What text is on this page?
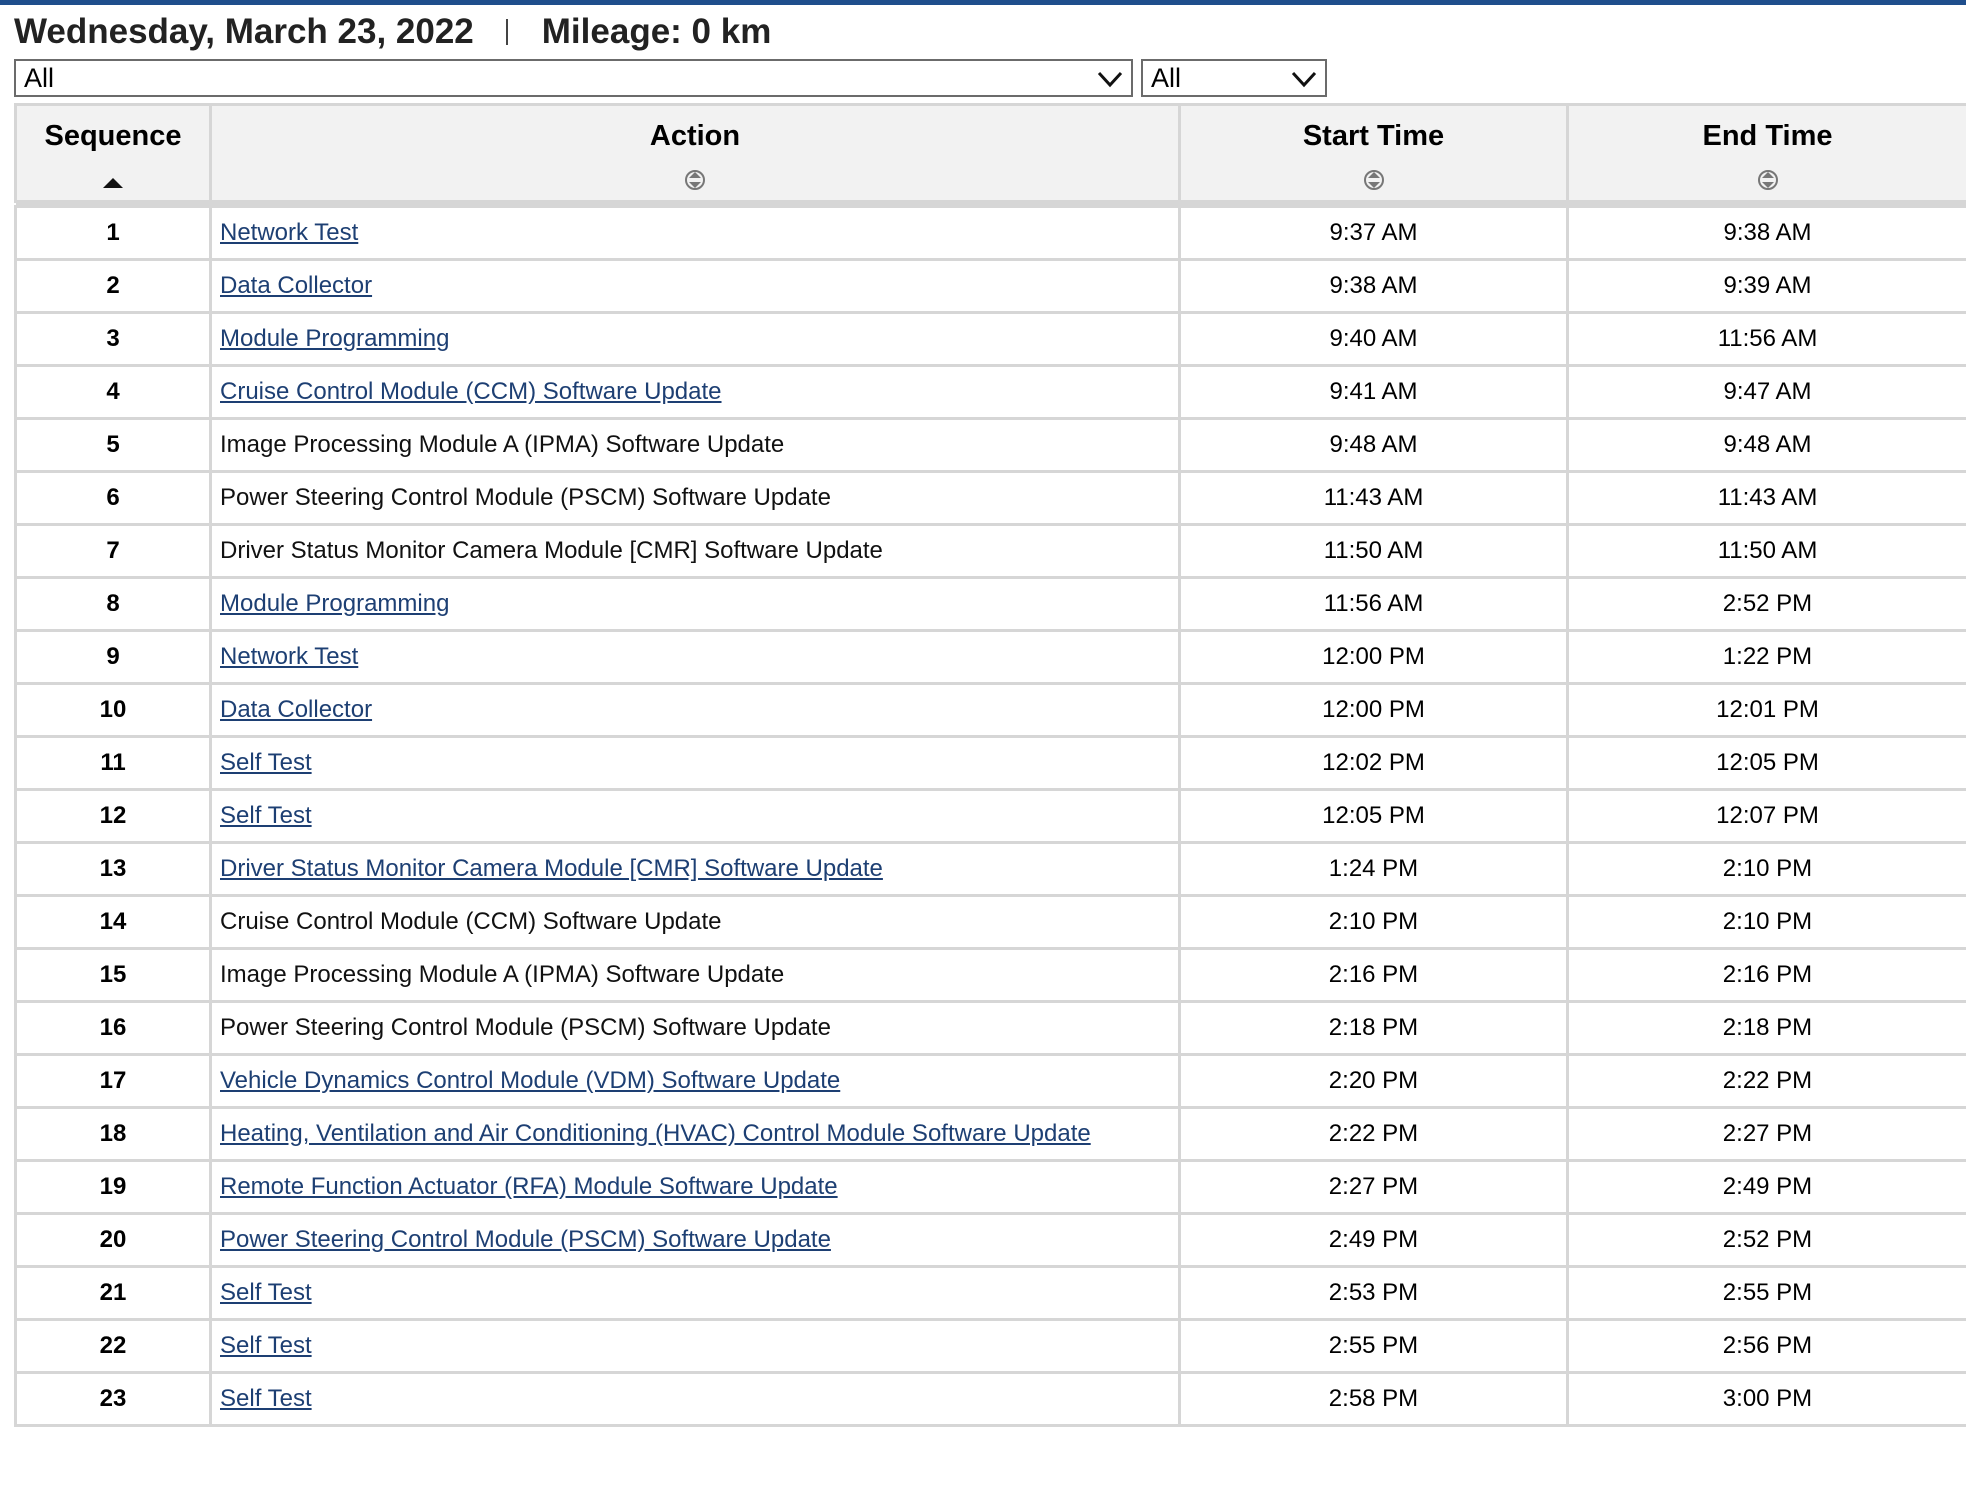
Wednesday, March 23, 2022 Mileage: 0 km
All	All
Sequence	Action	Start Time	End Time

1	Network Test	9:37 AM	9:38 AM
2	Data Collector	9:38 AM	9:39 AM
3	Module Programming	9:40 AM	11:56 AM
4	Cruise Control Module (CCM) Software Update	9:41 AM	9:47 AM
5	Image Processing Module A (IPMA) Software Update	9:48 AM	9:48 AM
6	Power Steering Control Module (PSCM) Software Update	11:43 AM	11:43 AM
7	Driver Status Monitor Camera Module [CMR] Software Update	11:50 AM	11:50 AM
8	Module Programming	11:56 AM	2:52 PM
9	Network Test	12:00 PM	1:22 PM
10	Data Collector	12:00 PM	12:01 PM
11	Self Test	12:02 PM	12:05 PM
12	Self Test	12:05 PM	12:07 PM
13	Driver Status Monitor Camera Module [CMR] Software Update	1:24 PM	2:10 PM
14	Cruise Control Module (CCM) Software Update	2:10 PM	2:10 PM
15	Image Processing Module A (IPMA) Software Update	2:16 PM	2:16 PM
16	Power Steering Control Module (PSCM) Software Update	2:18 PM	2:18 PM
17	Vehicle Dynamics Control Module (VDM) Software Update	2:20 PM	2:22 PM
18	Heating, Ventilation and Air Conditioning (HVAC) Control Module Software Update	2:22 PM	2:27 PM
19	Remote Function Actuator (RFA) Module Software Update	2:27 PM	2:49 PM
20	Power Steering Control Module (PSCM) Software Update	2:49 PM	2:52 PM
21	Self Test	2:53 PM	2:55 PM
22	Self Test	2:55 PM	2:56 PM
23	Self Test	2:58 PM	3:00 PM
